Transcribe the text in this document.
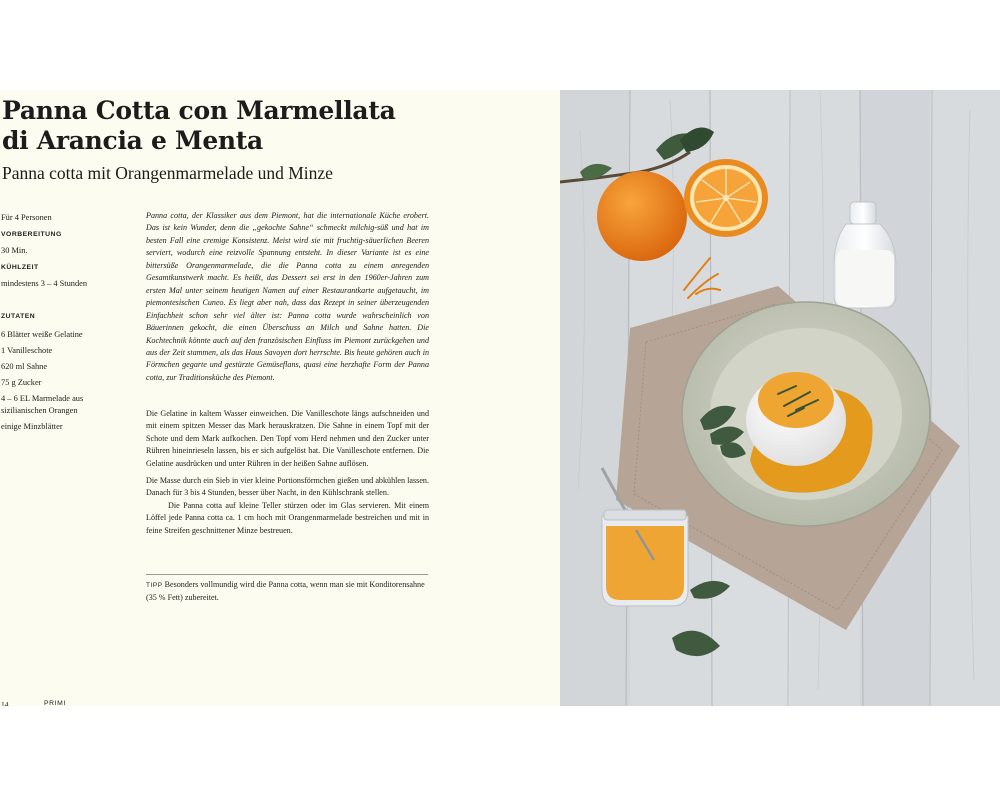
Panna Cotta con Marmellata
di Arancia e Menta

Panna cotta mit Orangenmarmelade und Minze

Für 4 Personen
VORBEREITUNG
30 Min.
KÜHLZEIT
mindestens 3 – 4 Stunden
ZUTATEN
6 Blätter weiße Gelatine
1 Vanilleschote
620 ml Sahne
75 g Zucker
4 – 6 EL Marmelade aus sizilianischen Orangen
einige Minzblätter

Panna cotta, der Klassiker aus dem Piemont, hat die internationale Küche erobert. Das ist kein Wunder, denn die „gekochte Sahne“ schmeckt milchig-süß und hat im besten Fall eine cremige Konsistenz. Meist wird sie mit fruchtig-säuerlichen Beeren serviert, wodurch eine reizvolle Spannung entsteht. In dieser Variante ist es eine bittersüße Orangenmarmelade, die die Panna cotta zu einem anregenden Gesamtkunstwerk macht. Es heißt, das Dessert sei erst in den 1960er-Jahren zum ersten Mal unter seinem heutigen Namen auf einer Restaurantkarte aufgetaucht, im piemontesischen Cuneo. Es liegt aber nah, dass das Rezept in seiner überzeugenden Einfachheit schon sehr viel älter ist: Panna cotta wurde wahrscheinlich von Bäuerinnen gekocht, die einen Überschuss an Milch und Sahne hatten. Die Kochtechnik könnte auch auf den französischen Einfluss im Piemont zurückgehen und aus der Zeit stammen, als das Haus Savoyen dort herrschte. Bis heute gehören auch in Förmchen gegarte und gestürzte Gemüseflans, quasi eine herzhafte Form der Panna cotta, zur Traditionsküche des Piemont.

Die Gelatine in kaltem Wasser einweichen. Die Vanilleschote längs aufschneiden und mit einem spitzen Messer das Mark herauskratzen. Die Sahne in einem Topf mit der Schote und dem Mark aufkochen. Den Topf vom Herd nehmen und den Zucker unter Rühren hineinrieseln lassen, bis er sich aufgelöst hat. Die Vanilleschote entfernen. Die Gelatine ausdrücken und unter Rühren in der heißen Sahne auflösen.

Die Masse durch ein Sieb in vier kleine Portionsförmchen gießen und abkühlen lassen. Danach für 3 bis 4 Stunden, besser über Nacht, in den Kühlschrank stellen.

Die Panna cotta auf kleine Teller stürzen oder im Glas servieren. Mit einem Löffel jede Panna cotta ca. 1 cm hoch mit Orangenmarmelade bestreichen und mit in feine Streifen geschnittener Minze bestreuen.

TIPP Besonders vollmundig wird die Panna cotta, wenn man sie mit Konditorensahne (35 % Fett) zubereitet.

14	PRIMI
